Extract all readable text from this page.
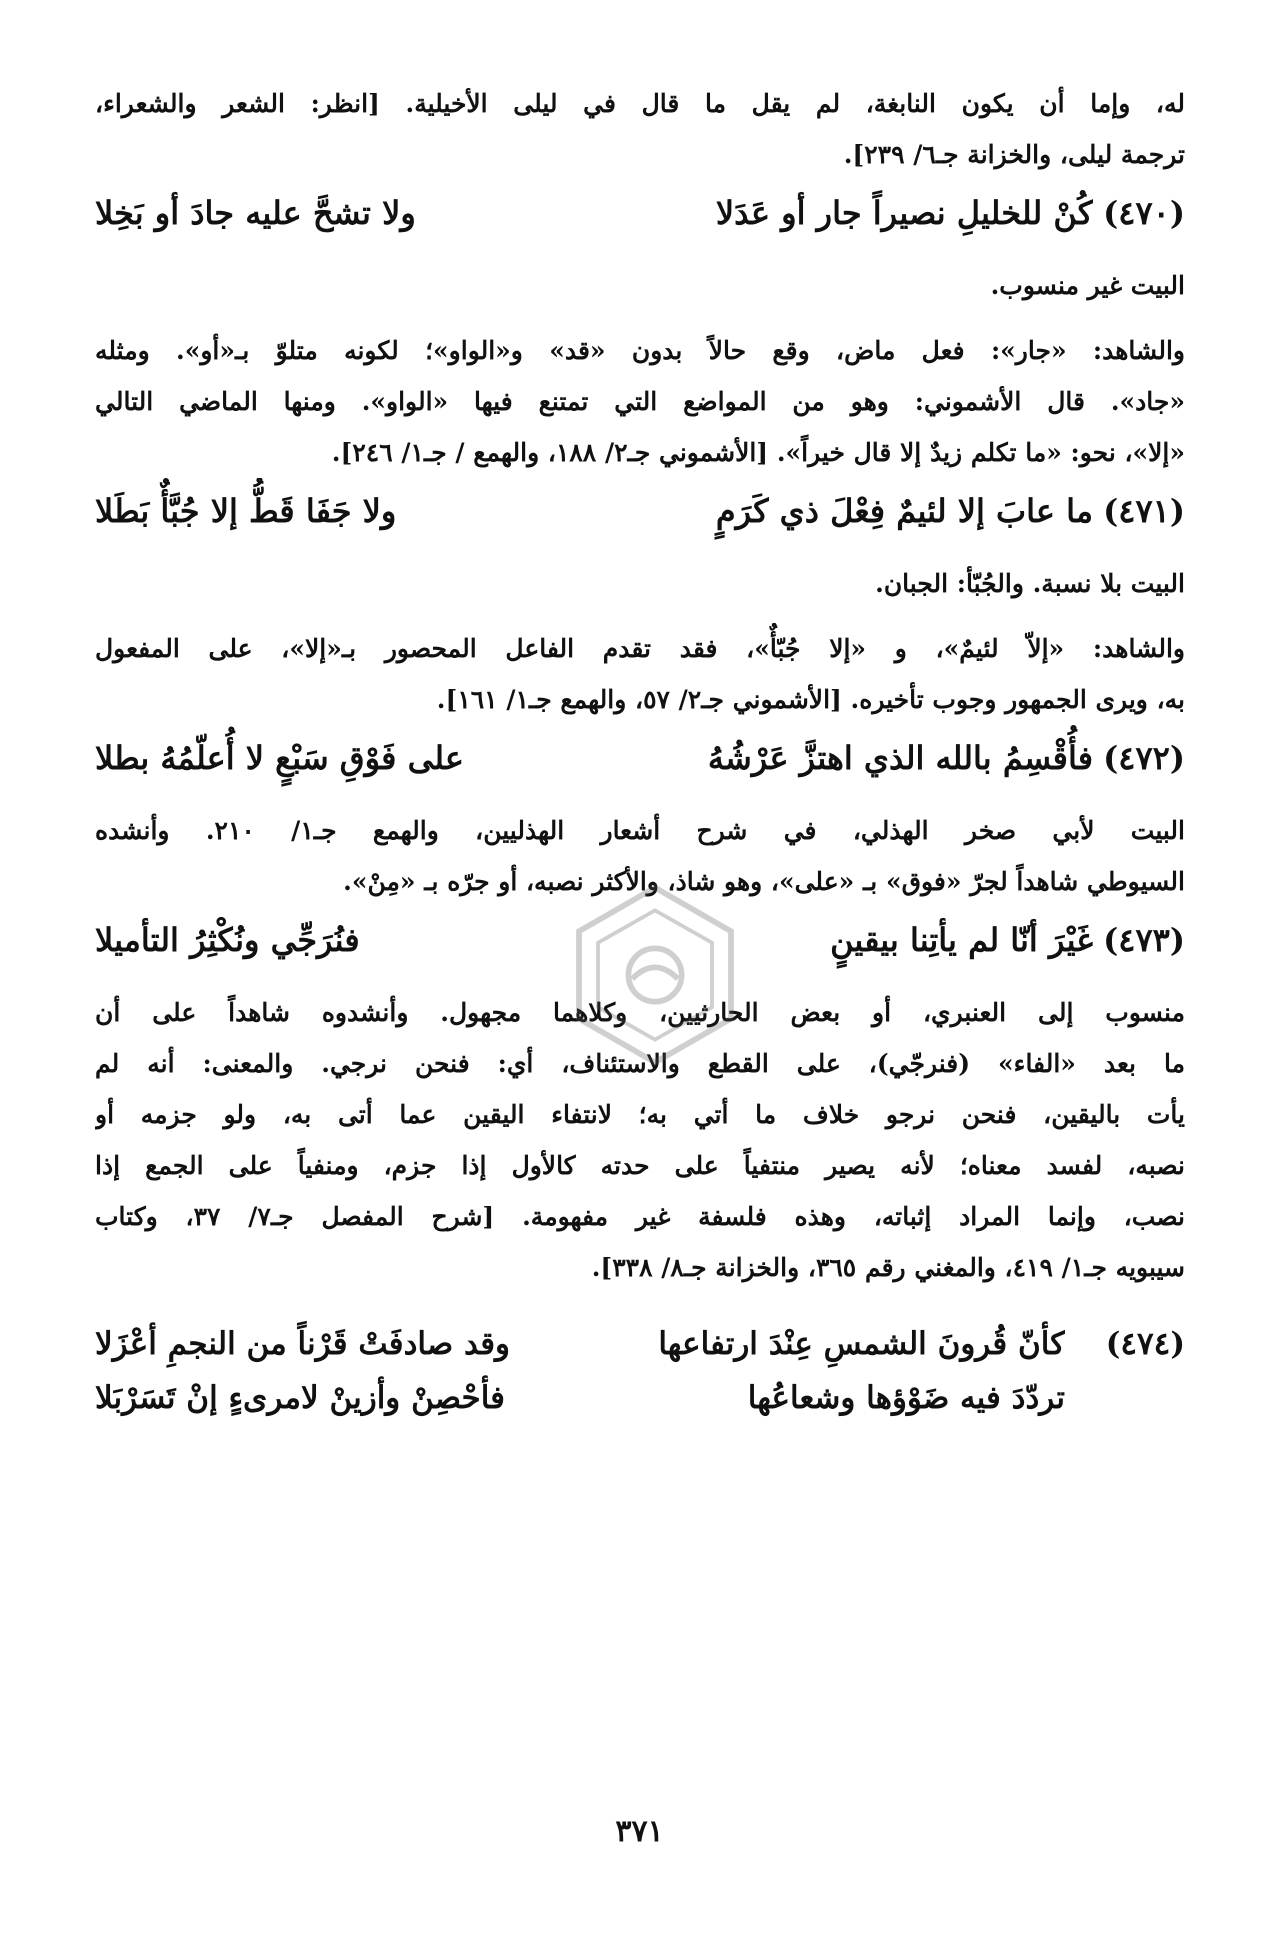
له، وإما أن يكون النابغة، لم يقل ما قال في ليلى الأخيلية. [انظر: الشعر والشعراء،
ترجمة ليلى، والخزانة جـ٦/ ٢٣٩].
(٤٧٠)
كُنْ للخليلِ نصيراً جار أو عَدَلا
ولا تشحَّ عليه جادَ أو بَخِلا
البيت غير منسوب.
والشاهد: «جار»: فعل ماض، وقع حالاً بدون «قد» و«الواو»؛ لكونه متلوّ بـ«أو». ومثله
«جاد». قال الأشموني: وهو من المواضع التي تمتنع فيها «الواو». ومنها الماضي التالي
«إلا»، نحو: «ما تكلم زيدٌ إلا قال خيراً». [الأشموني جـ٢/ ١٨٨، والهمع / جـ١/ ٢٤٦].
(٤٧١)
ما عابَ إلا لئيمٌ فِعْلَ ذي كَرَمٍ
ولا جَفَا قَطُّ إلا جُبَّأٌ بَطَلا
البيت بلا نسبة. والجُبّأ: الجبان.
والشاهد: «إلاّ لئيمٌ»، و «إلا جُبّأٌ»، فقد تقدم الفاعل المحصور بـ«إلا»، على المفعول
به، ويرى الجمهور وجوب تأخيره. [الأشموني جـ٢/ ٥٧، والهمع جـ١/ ١٦١].
(٤٧٢)
فأُقْسِمُ بالله الذي اهتزَّ عَرْشُهُ
على فَوْقِ سَبْعٍ لا أُعلّمُهُ بطلا
البيت لأبي صخر الهذلي، في شرح أشعار الهذليين، والهمع جـ١/ ٢١٠. وأنشده
السيوطي شاهداً لجرّ «فوق» بـ «على»، وهو شاذ، والأكثر نصبه، أو جرّه بـ «مِنْ».
(٤٧٣)
غَيْرَ أنّا لم يأتِنا بيقينٍ
فنُرَجِّي ونُكْثِرُ التأميلا
منسوب إلى العنبري، أو بعض الحارثيين، وكلاهما مجهول. وأنشدوه شاهداً على أن
ما بعد «الفاء» (فنرجّي)، على القطع والاستئناف، أي: فنحن نرجي. والمعنى: أنه لم
يأت باليقين، فنحن نرجو خلاف ما أتي به؛ لانتفاء اليقين عما أتى به، ولو جزمه أو
نصبه، لفسد معناه؛ لأنه يصير منتفياً على حدته كالأول إذا جزم، ومنفياً على الجمع إذا
نصب، وإنما المراد إثباته، وهذه فلسفة غير مفهومة. [شرح المفصل جـ٧/ ٣٧، وكتاب
سيبويه جـ١/ ٤١٩، والمغني رقم ٣٦٥، والخزانة جـ٨/ ٣٣٨].
(٤٧٤)
كأنّ قُرونَ الشمسِ عِنْدَ ارتفاعها
وقد صادفَتْ قَرْناً من النجمِ أعْزَلا
تردّدَ فيه ضَوْؤها وشعاعُها
فأحْصِنْ وأزينْ لامرىءٍ إنْ تَسَرْبَلا
٣٧١
